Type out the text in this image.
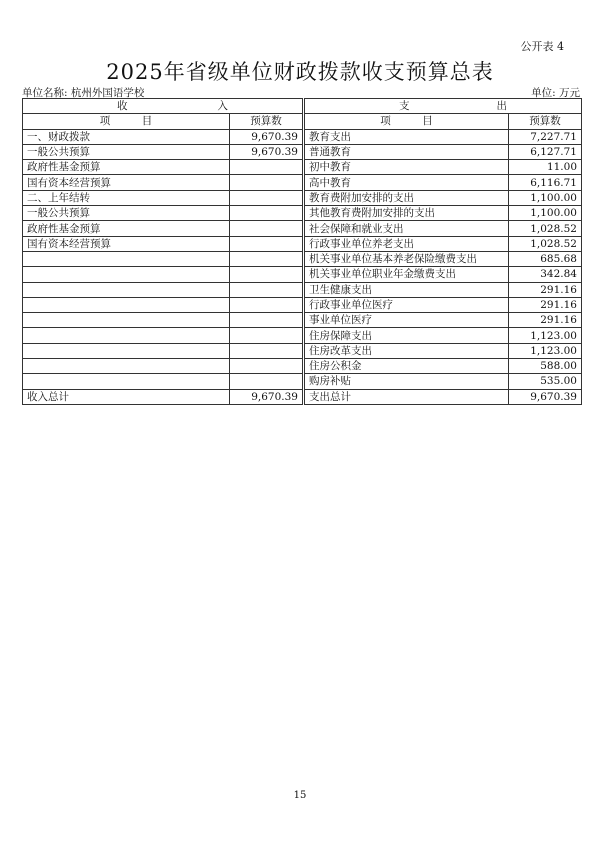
公开表 4
2025年省级单位财政拨款收支预算总表
单位名称: 杭州外国语学校	单位: 万元
收 入		支 出	

项　　　目	预算数	项　　　目	预算数
一、财政拨款	9,670.39	教育支出	7,227.71
一般公共预算	9,670.39	普通教育	6,127.71
政府性基金预算		初中教育	11.00
国有资本经营预算		高中教育	6,116.71
二、上年结转		教育费附加安排的支出	1,100.00
一般公共预算		其他教育费附加安排的支出	1,100.00
政府性基金预算		社会保障和就业支出	1,028.52
国有资本经营预算		行政事业单位养老支出	1,028.52
		机关事业单位基本养老保险缴费支出	685.68
		机关事业单位职业年金缴费支出	342.84
		卫生健康支出	291.16
		行政事业单位医疗	291.16
		事业单位医疗	291.16
		住房保障支出	1,123.00
		住房改革支出	1,123.00
		住房公积金	588.00
		购房补贴	535.00
收入总计	9,670.39	支出总计	9,670.39
15
